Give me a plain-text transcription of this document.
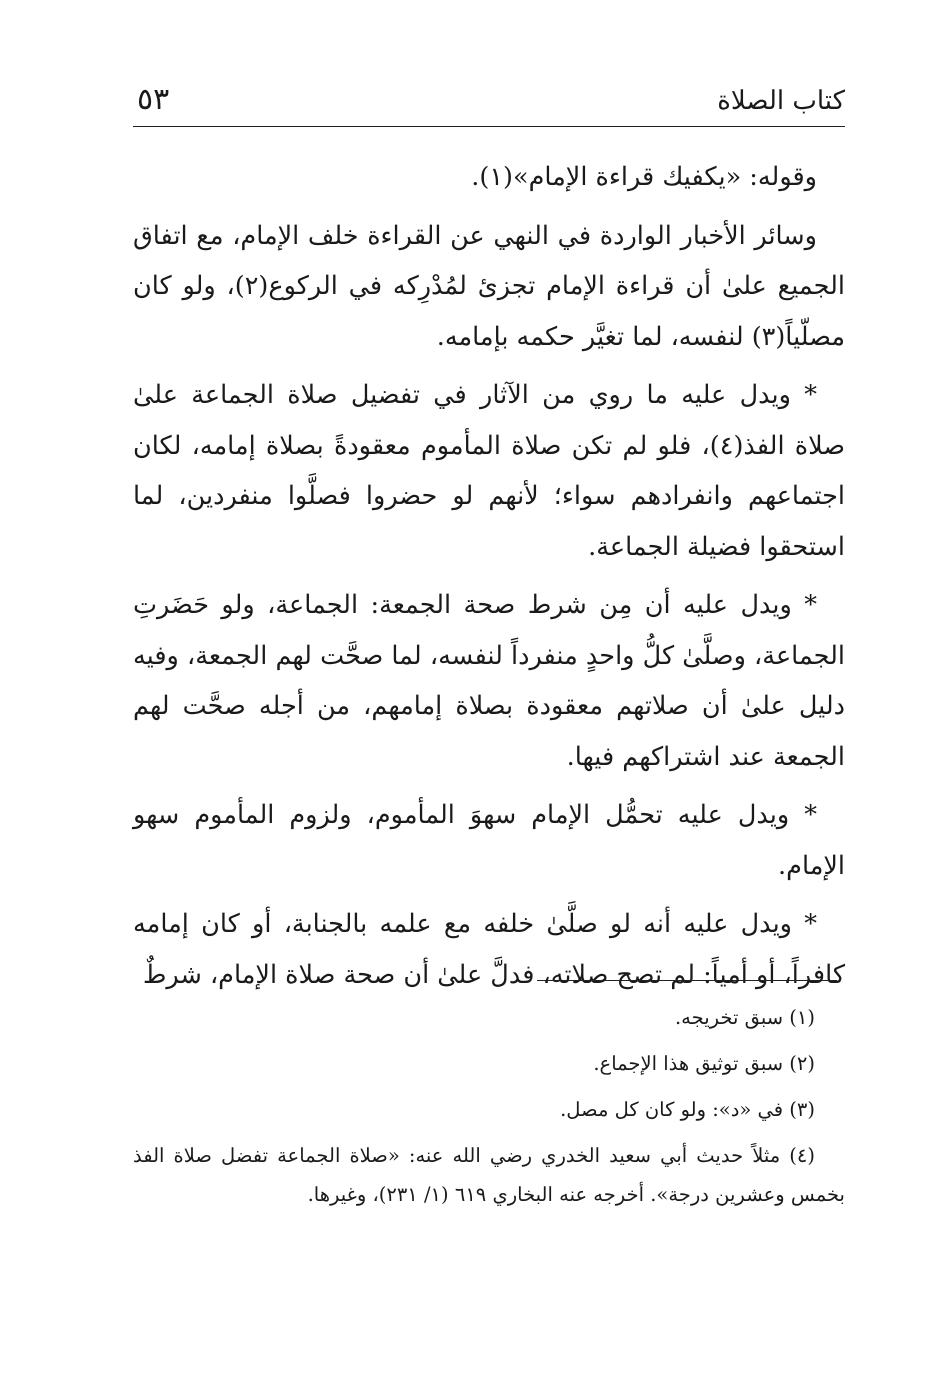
كتاب الصلاة
٥٣

وقوله: «يكفيك قراءة الإمام»(١).

وسائر الأخبار الواردة في النهي عن القراءة خلف الإمام، مع اتفاق الجميع علىٰ أن قراءة الإمام تجزئ لمُدْرِكه في الركوع(٢)، ولو كان مصلّياً(٣) لنفسه، لما تغيَّر حكمه بإمامه.

* ويدل عليه ما روي من الآثار في تفضيل صلاة الجماعة علىٰ صلاة الفذ(٤)، فلو لم تكن صلاة المأموم معقودةً بصلاة إمامه، لكان اجتماعهم وانفرادهم سواء؛ لأنهم لو حضروا فصلَّوا منفردين، لما استحقوا فضيلة الجماعة.

* ويدل عليه أن مِن شرط صحة الجمعة: الجماعة، ولو حَضَرتِ الجماعة، وصلَّىٰ كلُّ واحدٍ منفرداً لنفسه، لما صحَّت لهم الجمعة، وفيه دليل علىٰ أن صلاتهم معقودة بصلاة إمامهم، من أجله صحَّت لهم الجمعة عند اشتراكهم فيها.

* ويدل عليه تحمُّل الإمام سهوَ المأموم، ولزوم المأموم سهو الإمام.

* ويدل عليه أنه لو صلَّىٰ خلفه مع علمه بالجنابة، أو كان إمامه كافراً، أو أمياً: لم تصح صلاته، فدلَّ علىٰ أن صحة صلاة الإمام، شرطٌ

(١) سبق تخريجه.

(٢) سبق توثيق هذا الإجماع.

(٣) في «د»: ولو كان كل مصل.

(٤) مثلاً حديث أبي سعيد الخدري رضي الله عنه: «صلاة الجماعة تفضل صلاة الفذ بخمس وعشرين درجة». أخرجه عنه البخاري ٦١٩ (١/ ٢٣١)، وغيرها.
